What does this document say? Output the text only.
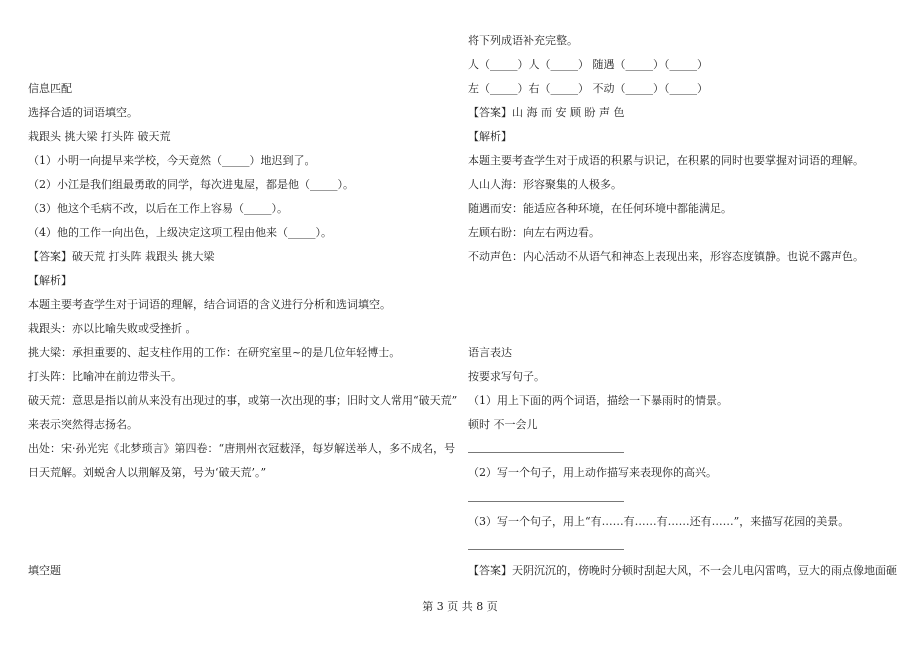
信息匹配
选择合适的词语填空。
栽跟头 挑大梁 打头阵 破天荒
（1）小明一向提早来学校，今天竟然（_____）地迟到了。
（2）小江是我们组最勇敢的同学，每次进鬼屋，都是他（_____）。
（3）他这个毛病不改，以后在工作上容易（_____）。
（4）他的工作一向出色，上级决定这项工程由他来（_____）。
【答案】破天荒 打头阵 栽跟头 挑大梁
【解析】
本题主要考查学生对于词语的理解，结合词语的含义进行分析和选词填空。
栽跟头：亦以比喻失败或受挫折 。
挑大梁：承担重要的、起支柱作用的工作：在研究室里~的是几位年轻博士。
打头阵：比喻冲在前边带头干。
破天荒：意思是指以前从来没有出现过的事，或第一次出现的事；旧时文人常用“破天荒”
来表示突然得志扬名。
出处：宋·孙光宪《北梦琐言》第四卷：“唐荆州衣冠薮泽，每岁解送举人，多不成名，号
日天荒解。刘蜕舍人以荆解及第，号为‘破天荒’。”
填空题
将下列成语补充完整。
人（_____）人（_____） 随遇（_____）（_____）
左（_____）右（_____） 不动（_____）（_____）
【答案】山 海 而 安 顾 盼 声 色
【解析】
本题主要考查学生对于成语的积累与识记，在积累的同时也要掌握对词语的理解。
人山人海：形容聚集的人极多。
随遇而安：能适应各种环境，在任何环境中都能满足。
左顾右盼：向左右两边看。
不动声色：内心活动不从语气和神态上表现出来，形容态度镇静。也说不露声色。
语言表达
按要求写句子。
（1）用上下面的两个词语，描绘一下暴雨时的情景。
顿时 不一会儿
（2）写一个句子，用上动作描写来表现你的高兴。
（3）写一个句子，用上“有……有……有……还有……”，来描写花园的美景。
【答案】天阴沉沉的，傍晚时分顿时刮起大风，不一会儿电闪雷鸣，豆大的雨点像地面砸
第 3 页 共 8 页
